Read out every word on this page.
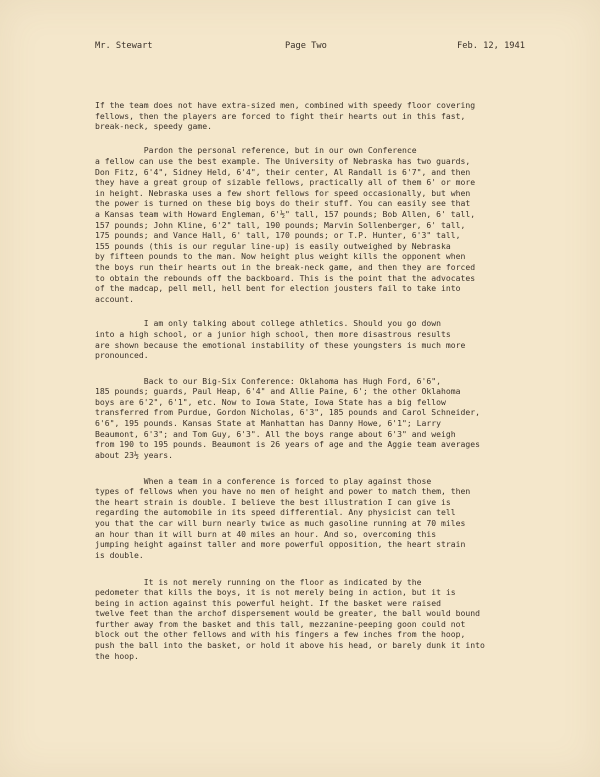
Mr. Stewart	Page Two	Feb. 12, 1941

If the team does not have extra-sized men, combined with speedy floor covering
fellows, then the players are forced to fight their hearts out in this fast,
break-neck, speedy game.

Pardon the personal reference, but in our own Conference
a fellow can use the best example. The University of Nebraska has two guards,
Don Fitz, 6'4", Sidney Held, 6'4", their center, Al Randall is 6'7", and then
they have a great group of sizable fellows, practically all of them 6' or more
in height. Nebraska uses a few short fellows for speed occasionally, but when
the power is turned on these big boys do their stuff. You can easily see that
a Kansas team with Howard Engleman, 6'½" tall, 157 pounds; Bob Allen, 6' tall,
157 pounds; John Kline, 6'2" tall, 190 pounds; Marvin Sollenberger, 6' tall,
175 pounds; and Vance Hall, 6' tall, 170 pounds; or T.P. Hunter, 6'3" tall,
155 pounds (this is our regular line-up) is easily outweighed by Nebraska
by fifteen pounds to the man. Now height plus weight kills the opponent when
the boys run their hearts out in the break-neck game, and then they are forced
to obtain the rebounds off the backboard. This is the point that the advocates
of the madcap, pell mell, hell bent for election jousters fail to take into
account.

I am only talking about college athletics. Should you go down
into a high school, or a junior high school, then more disastrous results
are shown because the emotional instability of these youngsters is much more
pronounced.

Back to our Big-Six Conference: Oklahoma has Hugh Ford, 6'6",
185 pounds; guards, Paul Heap, 6'4" and Allie Paine, 6'; the other Oklahoma
boys are 6'2", 6'1", etc. Now to Iowa State, Iowa State has a big fellow
transferred from Purdue, Gordon Nicholas, 6'3", 185 pounds and Carol Schneider,
6'6", 195 pounds. Kansas State at Manhattan has Danny Howe, 6'1"; Larry
Beaumont, 6'3"; and Tom Guy, 6'3". All the boys range about 6'3" and weigh
from 190 to 195 pounds. Beaumont is 26 years of age and the Aggie team averages
about 23½ years.

When a team in a conference is forced to play against those
types of fellows when you have no men of height and power to match them, then
the heart strain is double. I believe the best illustration I can give is
regarding the automobile in its speed differential. Any physicist can tell
you that the car will burn nearly twice as much gasoline running at 70 miles
an hour than it will burn at 40 miles an hour. And so, overcoming this
jumping height against taller and more powerful opposition, the heart strain
is double.

It is not merely running on the floor as indicated by the
pedometer that kills the boys, it is not merely being in action, but it is
being in action against this powerful height. If the basket were raised
twelve feet than the archof dispersement would be greater, the ball would bound
further away from the basket and this tall, mezzanine-peeping goon could not
block out the other fellows and with his fingers a few inches from the hoop,
push the ball into the basket, or hold it above his head, or barely dunk it into
the hoop.
